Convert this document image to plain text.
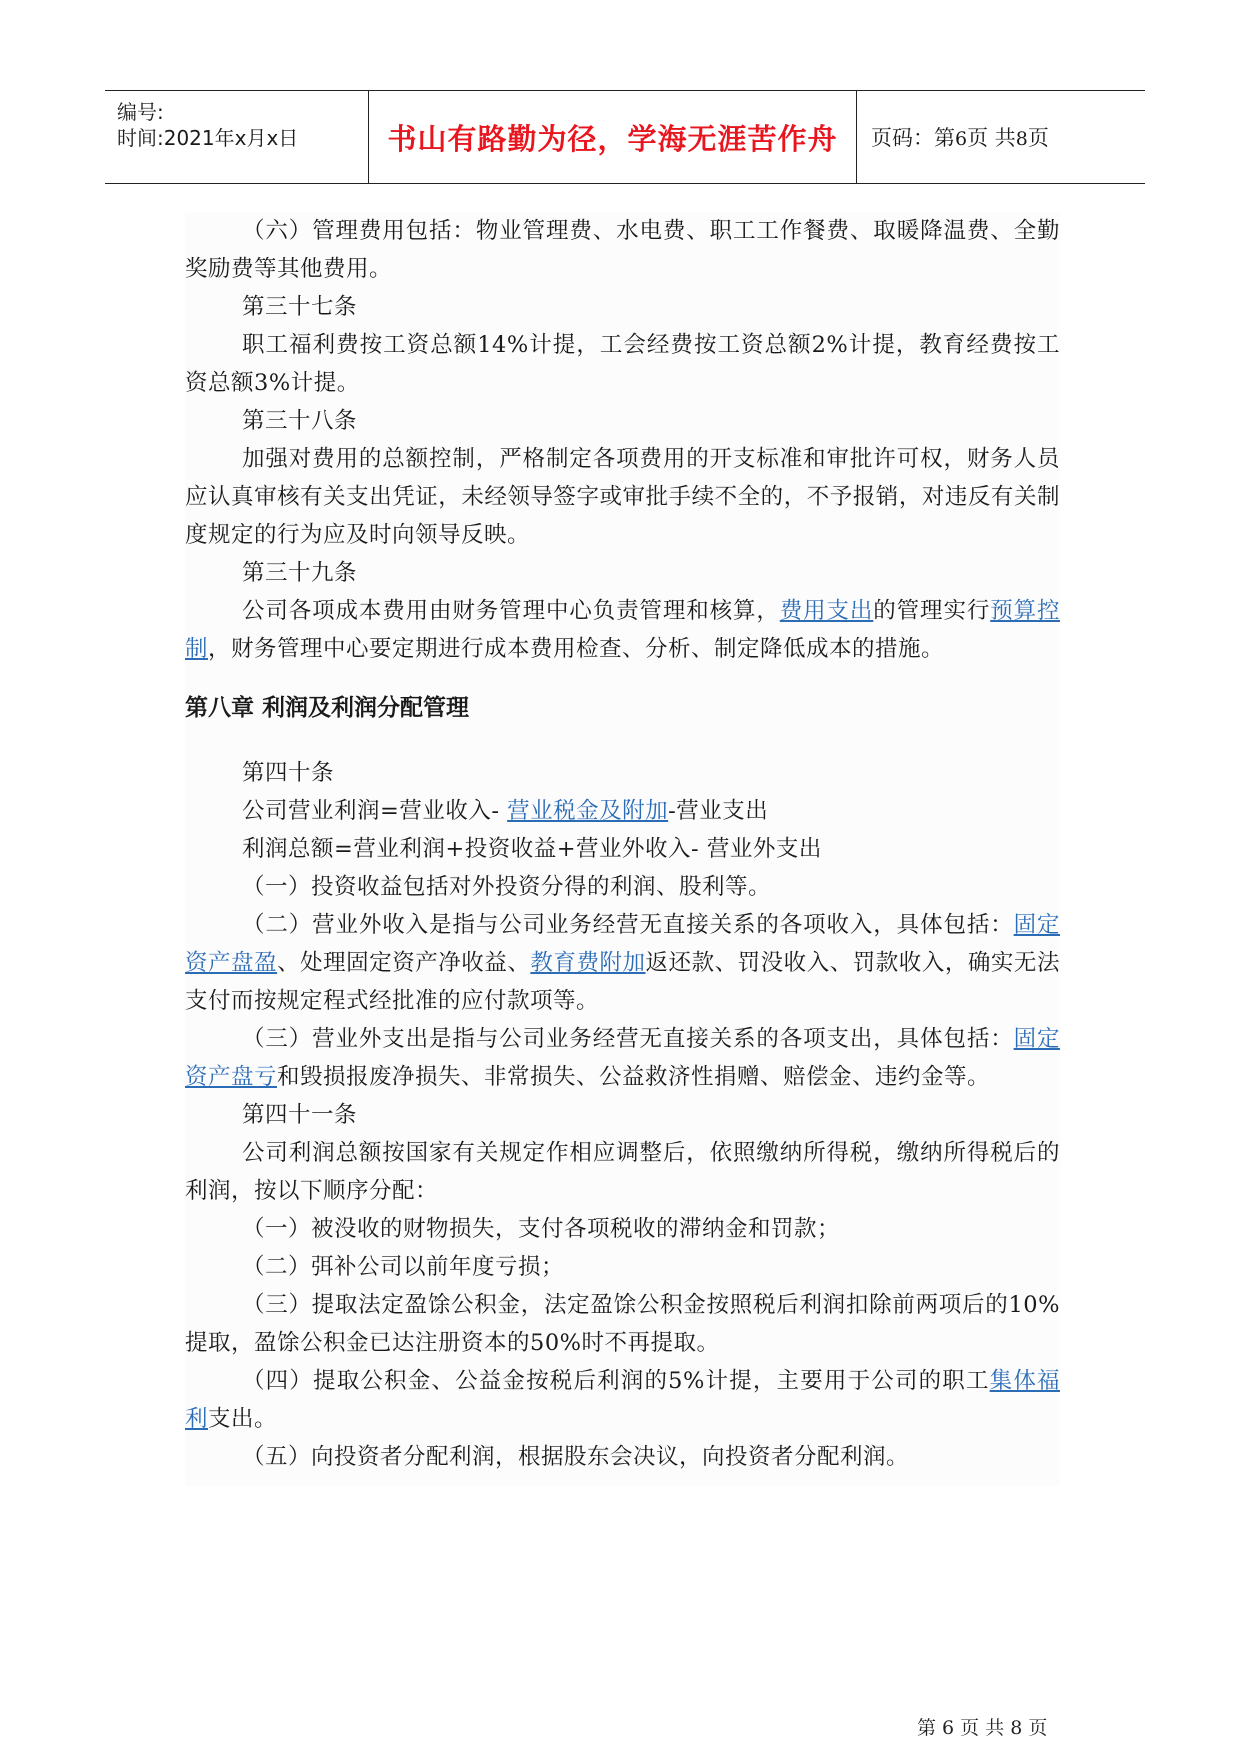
编号:
时间:2021年x月x日	书山有路勤为径，学海无涯苦作舟	页码：第6页 共8页

（六）管理费用包括：物业管理费、水电费、职工工作餐费、取暖降温费、全勤奖励费等其他费用。

第三十七条

职工福利费按工资总额14%计提，工会经费按工资总额2%计提，教育经费按工资总额3%计提。

第三十八条

加强对费用的总额控制，严格制定各项费用的开支标准和审批许可权，财务人员应认真审核有关支出凭证，未经领导签字或审批手续不全的，不予报销，对违反有关制度规定的行为应及时向领导反映。

第三十九条

公司各项成本费用由财务管理中心负责管理和核算，费用支出的管理实行预算控制，财务管理中心要定期进行成本费用检查、分析、制定降低成本的措施。

第八章 利润及利润分配管理

第四十条

公司营业利润=营业收入- 营业税金及附加-营业支出

利润总额=营业利润+投资收益+营业外收入- 营业外支出

（一）投资收益包括对外投资分得的利润、股利等。

（二）营业外收入是指与公司业务经营无直接关系的各项收入，具体包括：固定资产盘盈、处理固定资产净收益、教育费附加返还款、罚没收入、罚款收入，确实无法支付而按规定程式经批准的应付款项等。

（三）营业外支出是指与公司业务经营无直接关系的各项支出，具体包括：固定资产盘亏和毁损报废净损失、非常损失、公益救济性捐赠、赔偿金、违约金等。

第四十一条

公司利润总额按国家有关规定作相应调整后，依照缴纳所得税，缴纳所得税后的利润，按以下顺序分配：

（一）被没收的财物损失，支付各项税收的滞纳金和罚款；

（二）弭补公司以前年度亏损；

（三）提取法定盈馀公积金，法定盈馀公积金按照税后利润扣除前两项后的10%提取，盈馀公积金已达注册资本的50%时不再提取。

（四）提取公积金、公益金按税后利润的5%计提，主要用于公司的职工集体福利支出。

（五）向投资者分配利润，根据股东会决议，向投资者分配利润。

第 6 页 共 8 页
